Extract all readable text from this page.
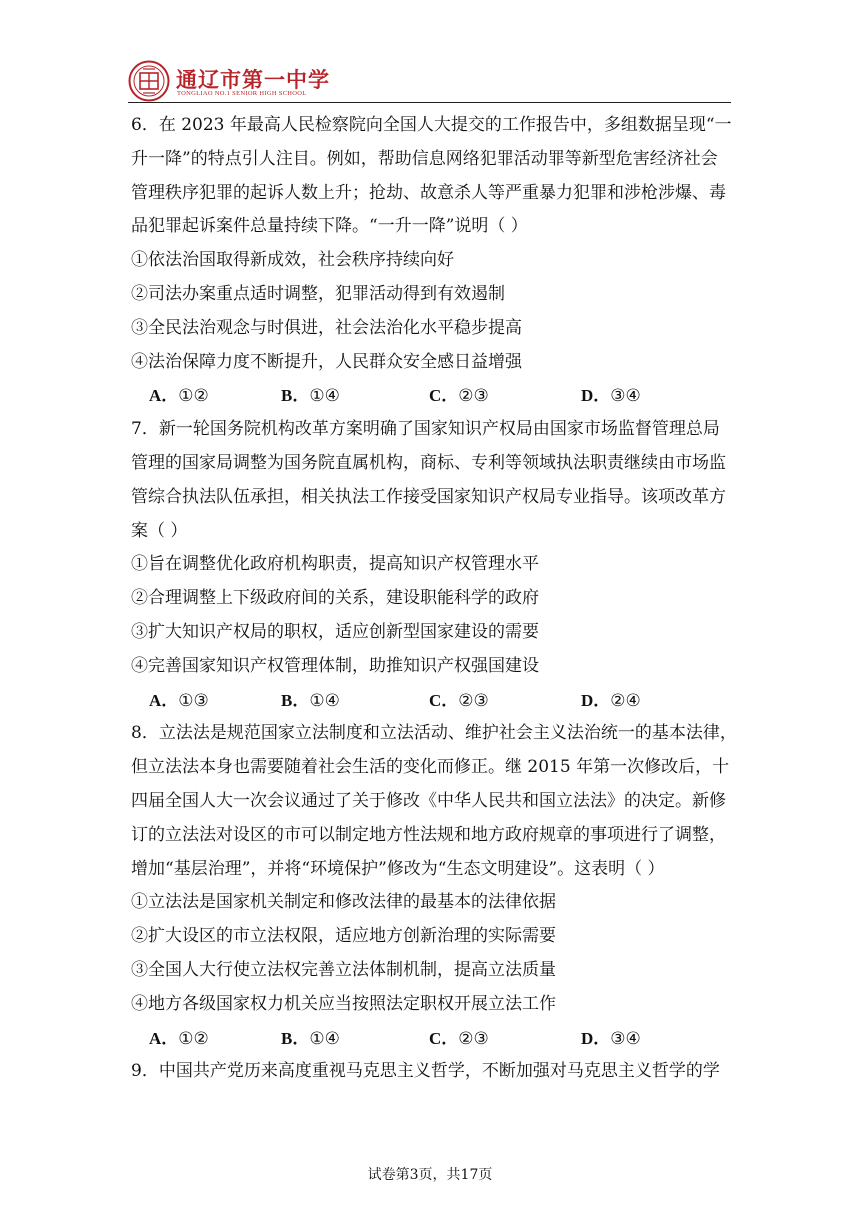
通辽市第一中学
TONGLIAO NO.1 SENIOR HIGH SCHOOL
6．在 2023 年最高人民检察院向全国人大提交的工作报告中，多组数据呈现“一
升一降”的特点引人注目。例如，帮助信息网络犯罪活动罪等新型危害经济社会
管理秩序犯罪的起诉人数上升；抢劫、故意杀人等严重暴力犯罪和涉枪涉爆、毒
品犯罪起诉案件总量持续下降。“一升一降”说明（ ）
①依法治国取得新成效，社会秩序持续向好
②司法办案重点适时调整，犯罪活动得到有效遏制
③全民法治观念与时俱进，社会法治化水平稳步提高
④法治保障力度不断提升，人民群众安全感日益增强
A．①②	B．①④	C．②③	D．③④
7．新一轮国务院机构改革方案明确了国家知识产权局由国家市场监督管理总局
管理的国家局调整为国务院直属机构，商标、专利等领域执法职责继续由市场监
管综合执法队伍承担，相关执法工作接受国家知识产权局专业指导。该项改革方
案（ ）
①旨在调整优化政府机构职责，提高知识产权管理水平
②合理调整上下级政府间的关系，建设职能科学的政府
③扩大知识产权局的职权，适应创新型国家建设的需要
④完善国家知识产权管理体制，助推知识产权强国建设
A．①③	B．①④	C．②③	D．②④
8．立法法是规范国家立法制度和立法活动、维护社会主义法治统一的基本法律，
但立法法本身也需要随着社会生活的变化而修正。继 2015 年第一次修改后，十
四届全国人大一次会议通过了关于修改《中华人民共和国立法法》的决定。新修
订的立法法对设区的市可以制定地方性法规和地方政府规章的事项进行了调整，
增加“基层治理”，并将“环境保护”修改为“生态文明建设”。这表明（ ）
①立法法是国家机关制定和修改法律的最基本的法律依据
②扩大设区的市立法权限，适应地方创新治理的实际需要
③全国人大行使立法权完善立法体制机制，提高立法质量
④地方各级国家权力机关应当按照法定职权开展立法工作
A．①②	B．①④	C．②③	D．③④
9．中国共产党历来高度重视马克思主义哲学，不断加强对马克思主义哲学的学
试卷第3页，共17页
